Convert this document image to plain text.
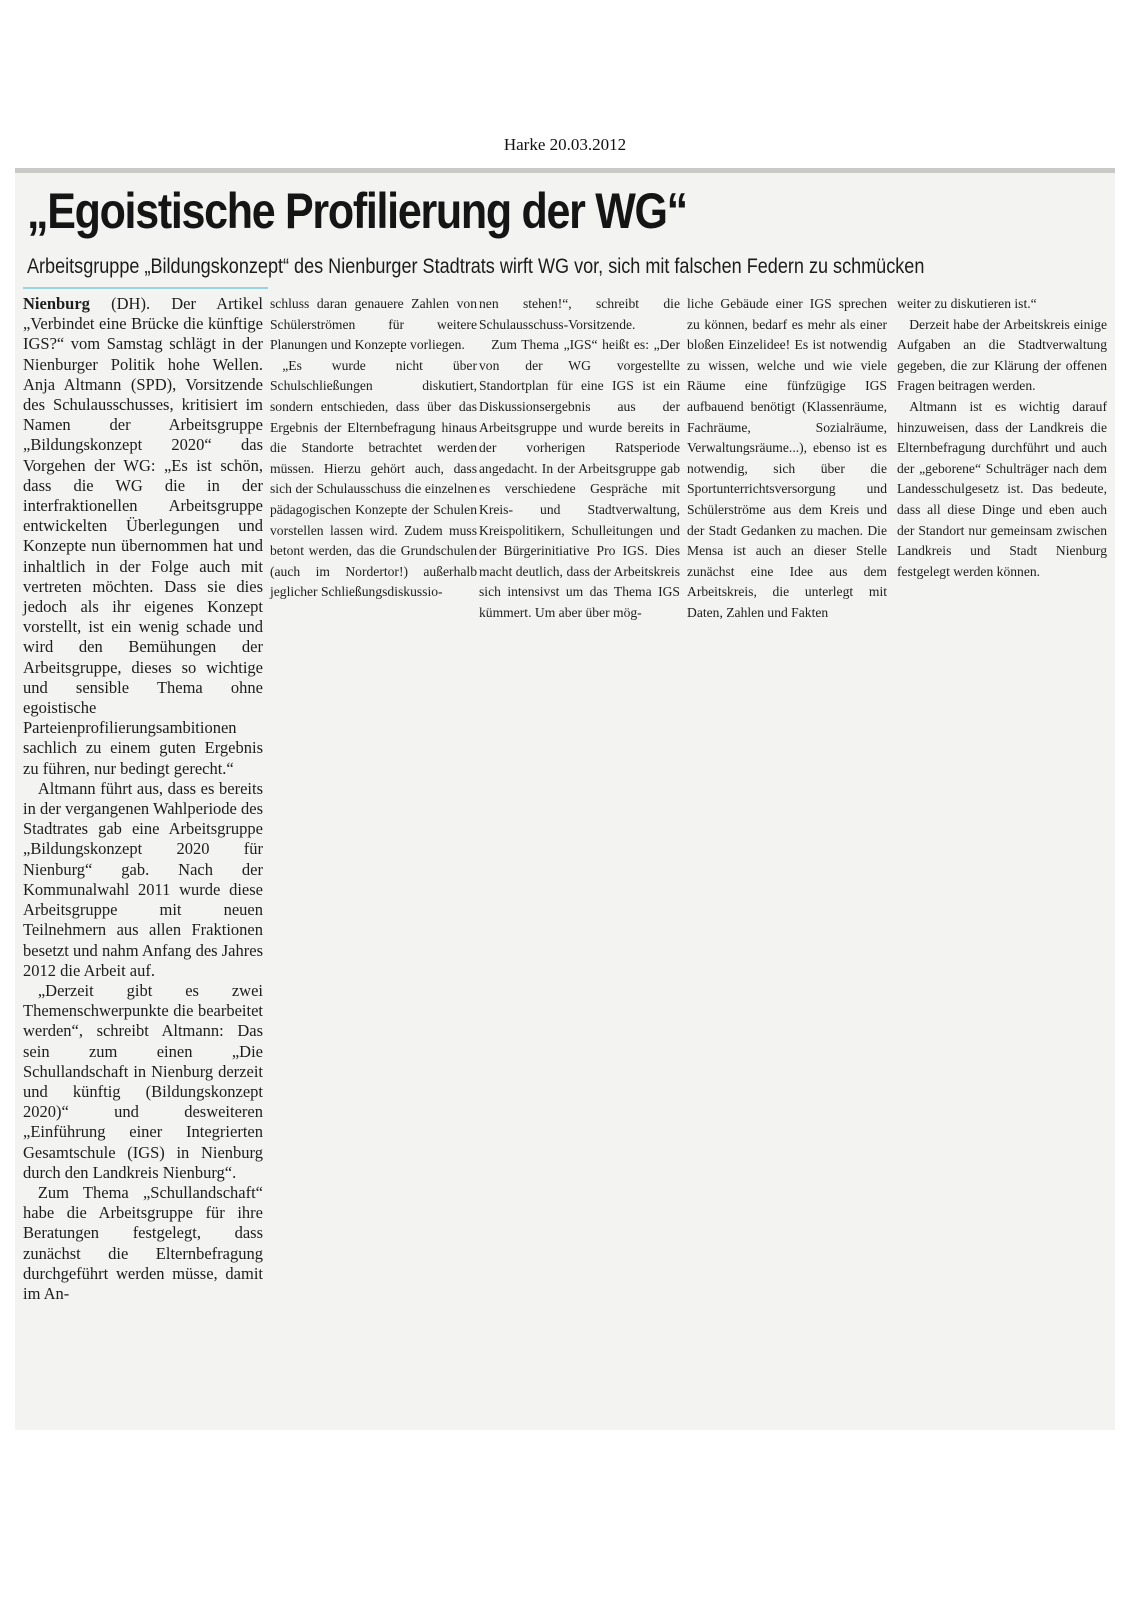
Harke 20.03.2012
„Egoistische Profilierung der WG“
Arbeitsgruppe „Bildungskonzept“ des Nienburger Stadtrats wirft WG vor, sich mit falschen Federn zu schmücken

Nienburg (DH). Der Artikel „Verbindet eine Brücke die künftige IGS?“ vom Samstag schlägt in der Nienburger Politik hohe Wellen. Anja Altmann (SPD), Vorsitzende des Schulausschusses, kritisiert im Namen der Arbeitsgruppe „Bildungskonzept 2020“ das Vorgehen der WG: „Es ist schön, dass die WG die in der interfraktionellen Arbeitsgruppe entwickelten Überlegungen und Konzepte nun übernommen hat und inhaltlich in der Folge auch mit vertreten möchten. Dass sie dies jedoch als ihr eigenes Konzept vorstellt, ist ein wenig schade und wird den Bemühungen der Arbeitsgruppe, dieses so wichtige und sensible Thema ohne egoistische Parteienprofilierungsambitionen sachlich zu einem guten Ergebnis zu führen, nur bedingt gerecht.“

Altmann führt aus, dass es bereits in der vergangenen Wahlperiode des Stadtrates gab eine Arbeitsgruppe „Bildungskonzept 2020 für Nienburg“ gab. Nach der Kommunalwahl 2011 wurde diese Arbeitsgruppe mit neuen Teilnehmern aus allen Fraktionen besetzt und nahm Anfang des Jahres 2012 die Arbeit auf.

„Derzeit gibt es zwei Themenschwerpunkte die bearbeitet werden“, schreibt Altmann: Das sein zum einen „Die Schullandschaft in Nienburg derzeit und künftig (Bildungskonzept 2020)“ und desweiteren „Einführung einer Integrierten Gesamtschule (IGS) in Nienburg durch den Landkreis Nienburg“.

Zum Thema „Schullandschaft“ habe die Arbeitsgruppe für ihre Beratungen festgelegt, dass zunächst die Elternbefragung durchgeführt werden müsse, damit im An-

schluss daran genauere Zahlen von Schülerströmen für weitere Planungen und Konzepte vorliegen.

„Es wurde nicht über Schulschließungen diskutiert, sondern entschieden, dass über das Ergebnis der Elternbefragung hinaus die Standorte betrachtet werden müssen. Hierzu gehört auch, dass sich der Schulausschuss die einzelnen pädagogischen Konzepte der Schulen vorstellen lassen wird. Zudem muss betont werden, das die Grundschulen (auch im Nordertor!) außerhalb jeglicher Schließungsdiskussio-

nen stehen!“, schreibt die Schulausschuss-Vorsitzende.

Zum Thema „IGS“ heißt es: „Der von der WG vorgestellte Standortplan für eine IGS ist ein Diskussionsergebnis aus der Arbeitsgruppe und wurde bereits in der vorherigen Ratsperiode angedacht. In der Arbeitsgruppe gab es verschiedene Gespräche mit Kreis- und Stadtverwaltung, Kreispolitikern, Schulleitungen und der Bürgerinitiative Pro IGS. Dies macht deutlich, dass der Arbeitskreis sich intensivst um das Thema IGS kümmert. Um aber über mög-

liche Gebäude einer IGS sprechen zu können, bedarf es mehr als einer bloßen Einzelidee! Es ist notwendig zu wissen, welche und wie viele Räume eine fünfzügige IGS aufbauend benötigt (Klassenräume, Fachräume, Sozialräume, Verwaltungsräume...), ebenso ist es notwendig, sich über die Sportunterrichtsversorgung und Schülerströme aus dem Kreis und der Stadt Gedanken zu machen. Die Mensa ist auch an dieser Stelle zunächst eine Idee aus dem Arbeitskreis, die unterlegt mit Daten, Zahlen und Fakten

weiter zu diskutieren ist.“

Derzeit habe der Arbeitskreis einige Aufgaben an die Stadtverwaltung gegeben, die zur Klärung der offenen Fragen beitragen werden.

Altmann ist es wichtig darauf hinzuweisen, dass der Landkreis die Elternbefragung durchführt und auch der „geborene“ Schulträger nach dem Landesschulgesetz ist. Das bedeute, dass all diese Dinge und eben auch der Standort nur gemeinsam zwischen Landkreis und Stadt Nienburg festgelegt werden können.
